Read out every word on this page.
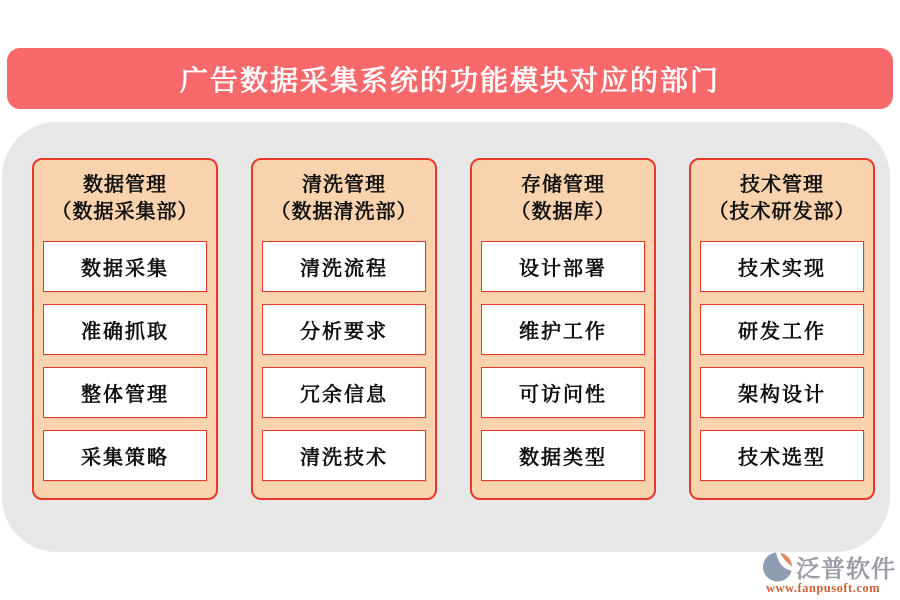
广告数据采集系统的功能模块对应的部门
数据管理
（数据采集部）
数据采集
准确抓取
整体管理
采集策略
清洗管理
（数据清洗部）
清洗流程
分析要求
冗余信息
清洗技术
存储管理
（数据库）
设计部署
维护工作
可访问性
数据类型
技术管理
（技术研发部）
技术实现
研发工作
架构设计
技术选型
泛普软件
www.fanpusoft.com
